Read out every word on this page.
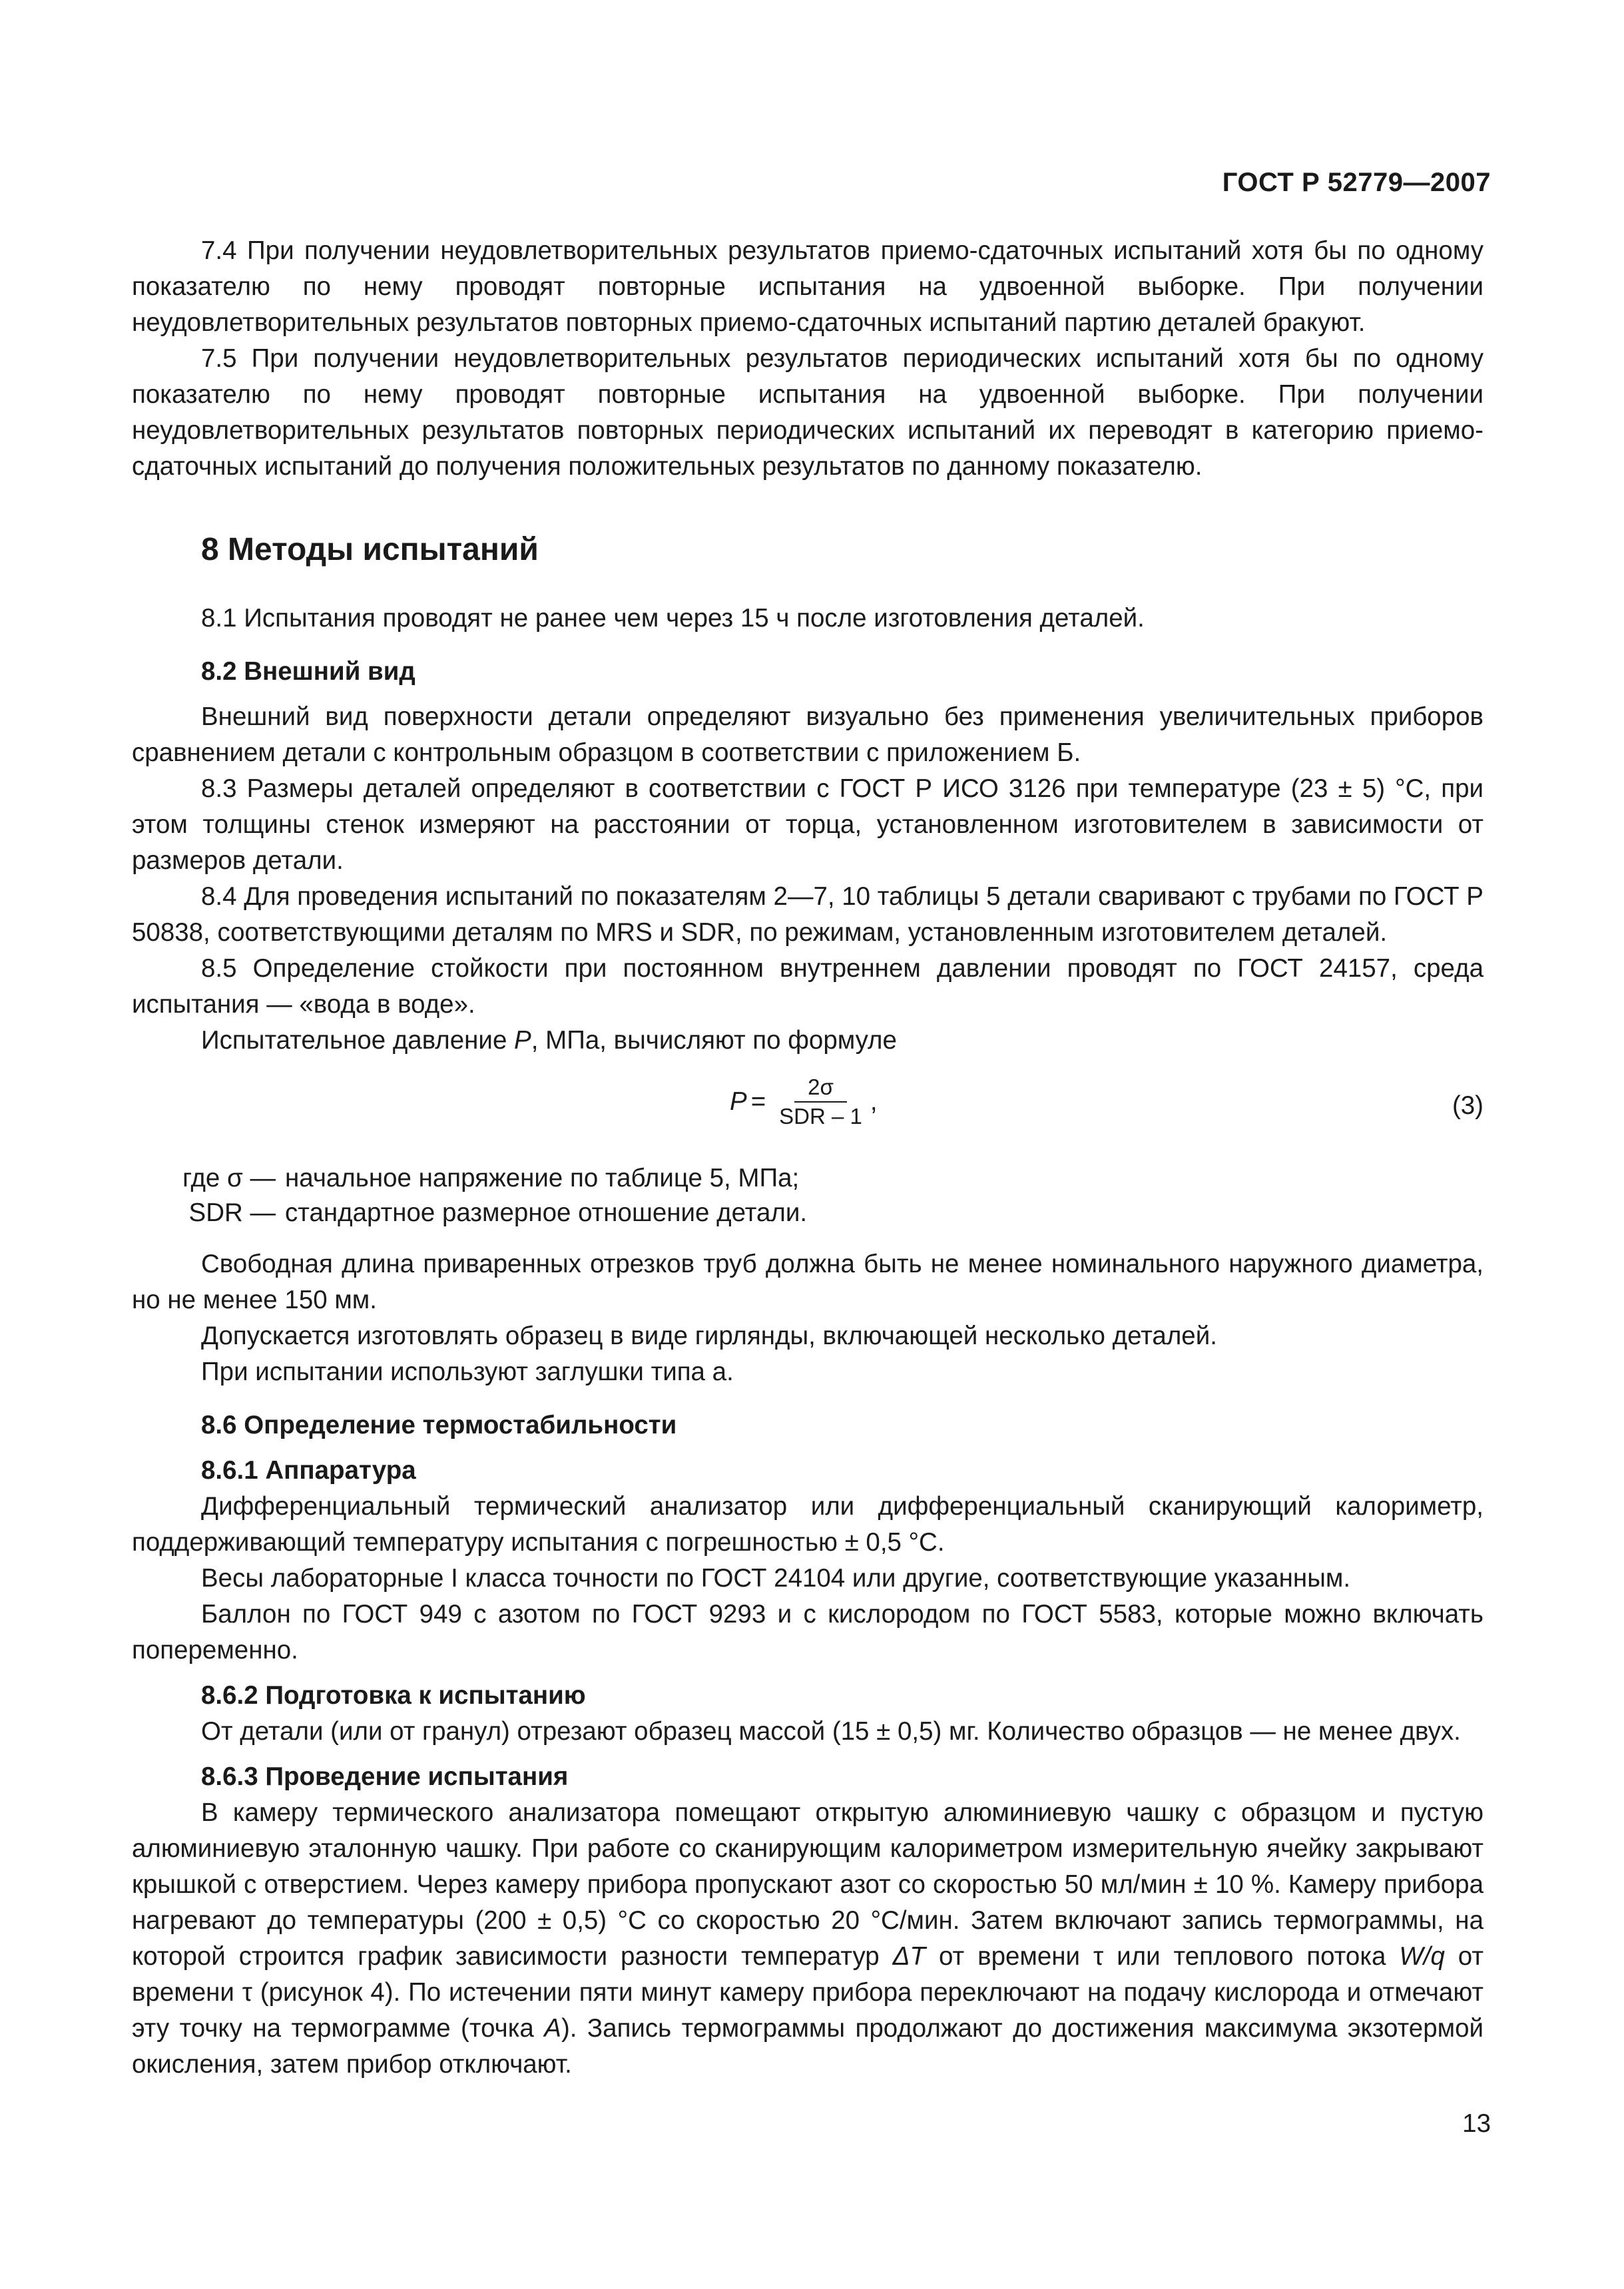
ГОСТ Р 52779—2007

7.4 При получении неудовлетворительных результатов приемо-сдаточных испытаний хотя бы по одному показателю по нему проводят повторные испытания на удвоенной выборке. При получении неудовлетворительных результатов повторных приемо-сдаточных испытаний партию деталей бракуют.

7.5 При получении неудовлетворительных результатов периодических испытаний хотя бы по одному показателю по нему проводят повторные испытания на удвоенной выборке. При получении неудовлетворительных результатов повторных периодических испытаний их переводят в категорию приемо-сдаточных испытаний до получения положительных результатов по данному показателю.

8 Методы испытаний

8.1 Испытания проводят не ранее чем через 15 ч после изготовления деталей.

8.2 Внешний вид

Внешний вид поверхности детали определяют визуально без применения увеличительных приборов сравнением детали с контрольным образцом в соответствии с приложением Б.

8.3 Размеры деталей определяют в соответствии с ГОСТ Р ИСО 3126 при температуре (23 ± 5) °С, при этом толщины стенок измеряют на расстоянии от торца, установленном изготовителем в зависимости от размеров детали.

8.4 Для проведения испытаний по показателям 2—7, 10 таблицы 5 детали сваривают с трубами по ГОСТ Р 50838, соответствующими деталям по MRS и SDR, по режимам, установленным изготовителем деталей.

8.5 Определение стойкости при постоянном внутреннем давлении проводят по ГОСТ 24157, среда испытания — «вода в воде».

Испытательное давление P, МПа, вычисляют по формуле

$P = \frac{2\sigma}{\text{SDR – 1}}$ ,	(3)
где σ — начальное напряжение по таблице 5, МПа;
SDR — стандартное размерное отношение детали.

Свободная длина приваренных отрезков труб должна быть не менее номинального наружного диаметра, но не менее 150 мм.

Допускается изготовлять образец в виде гирлянды, включающей несколько деталей.

При испытании используют заглушки типа а.

8.6 Определение термостабильности

8.6.1 Аппаратура

Дифференциальный термический анализатор или дифференциальный сканирующий калориметр, поддерживающий температуру испытания с погрешностью ± 0,5 °С.

Весы лабораторные I класса точности по ГОСТ 24104 или другие, соответствующие указанным.

Баллон по ГОСТ 949 с азотом по ГОСТ 9293 и с кислородом по ГОСТ 5583, которые можно включать попеременно.

8.6.2 Подготовка к испытанию

От детали (или от гранул) отрезают образец массой (15 ± 0,5) мг. Количество образцов — не менее двух.

8.6.3 Проведение испытания

В камеру термического анализатора помещают открытую алюминиевую чашку с образцом и пустую алюминиевую эталонную чашку. При работе со сканирующим калориметром измерительную ячейку закрывают крышкой с отверстием. Через камеру прибора пропускают азот со скоростью 50 мл/мин ± 10 %. Камеру прибора нагревают до температуры (200 ± 0,5) °С со скоростью 20 °С/мин. Затем включают запись термограммы, на которой строится график зависимости разности температур ΔT от времени τ или теплового потока W/q от времени τ (рисунок 4). По истечении пяти минут камеру прибора переключают на подачу кислорода и отмечают эту точку на термограмме (точка A). Запись термограммы продолжают до достижения максимума экзотермой окисления, затем прибор отключают.

13
